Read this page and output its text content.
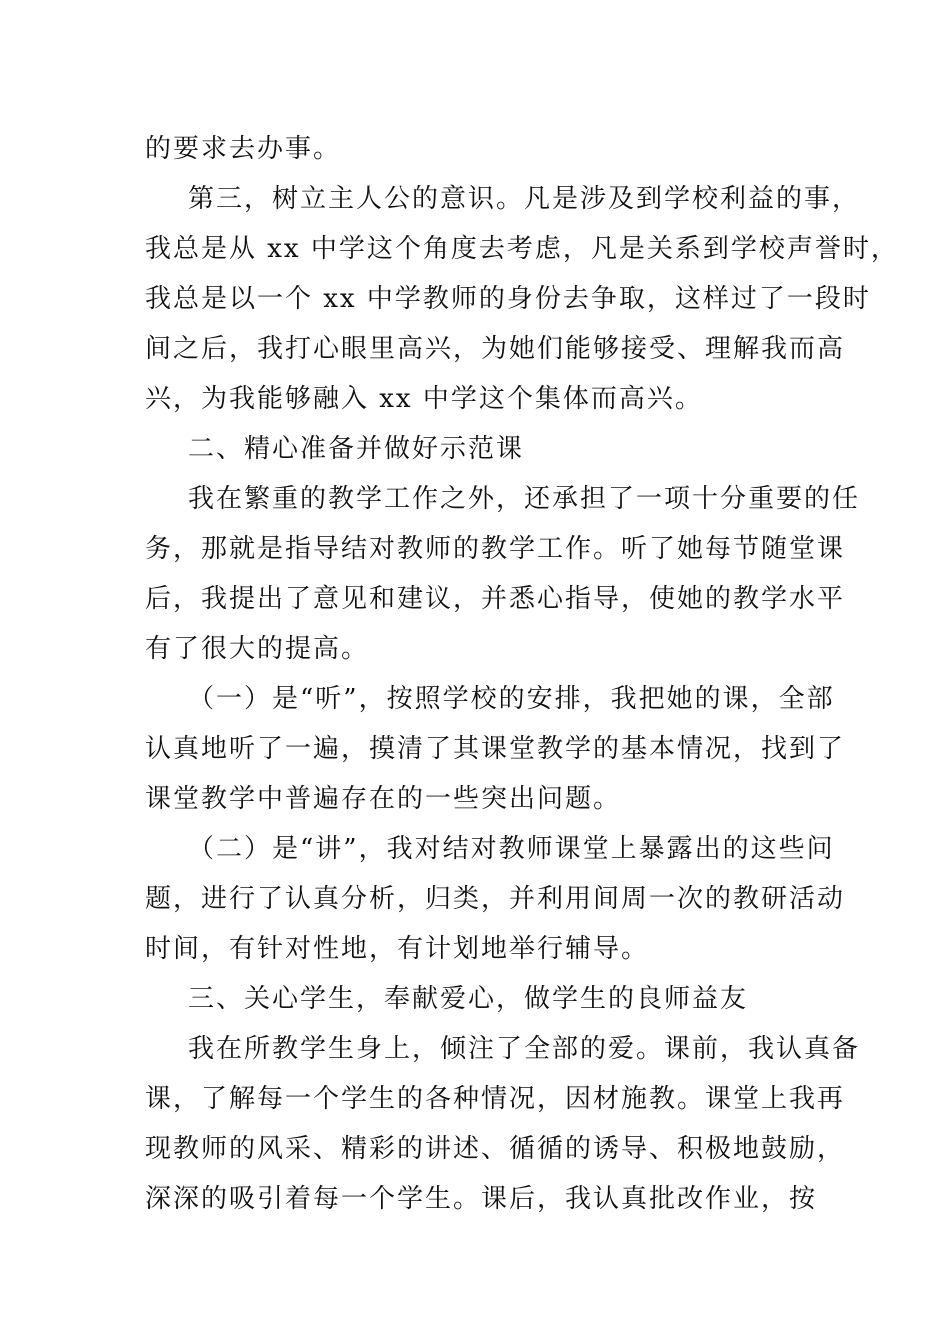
的要求去办事。
第三，树立主人公的意识。凡是涉及到学校利益的事，
我总是从 xx 中学这个角度去考虑，凡是关系到学校声誉时，
我总是以一个 xx 中学教师的身份去争取，这样过了一段时
间之后，我打心眼里高兴，为她们能够接受、理解我而高
兴，为我能够融入 xx 中学这个集体而高兴。
二、精心准备并做好示范课
我在繁重的教学工作之外，还承担了一项十分重要的任
务，那就是指导结对教师的教学工作。听了她每节随堂课
后，我提出了意见和建议，并悉心指导，使她的教学水平
有了很大的提高。
（一）是“听”，按照学校的安排，我把她的课，全部
认真地听了一遍，摸清了其课堂教学的基本情况，找到了
课堂教学中普遍存在的一些突出问题。
（二）是“讲”，我对结对教师课堂上暴露出的这些问
题，进行了认真分析，归类，并利用间周一次的教研活动
时间，有针对性地，有计划地举行辅导。
三、关心学生，奉献爱心，做学生的良师益友
我在所教学生身上，倾注了全部的爱。课前，我认真备
课，了解每一个学生的各种情况，因材施教。课堂上我再
现教师的风采、精彩的讲述、循循的诱导、积极地鼓励，
深深的吸引着每一个学生。课后，我认真批改作业，按
